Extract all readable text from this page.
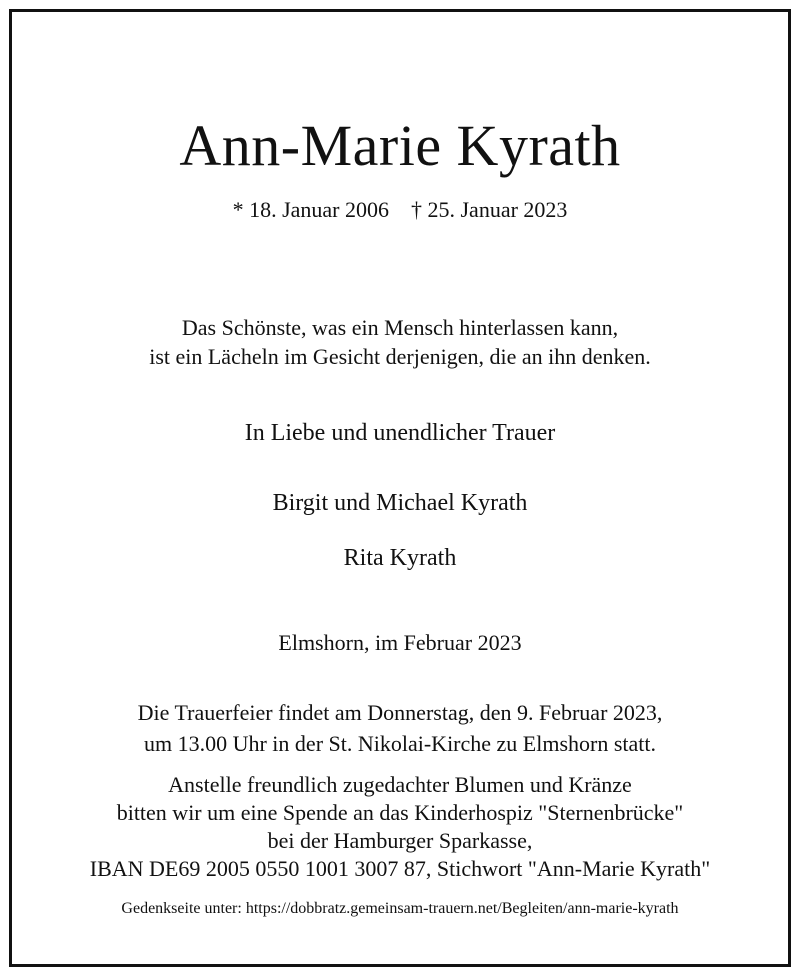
Ann-Marie Kyrath
* 18. Januar 2006 † 25. Januar 2023
Das Schönste, was ein Mensch hinterlassen kann,
ist ein Lächeln im Gesicht derjenigen, die an ihn denken.
In Liebe und unendlicher Trauer
Birgit und Michael Kyrath
Rita Kyrath
Elmshorn, im Februar 2023
Die Trauerfeier findet am Donnerstag, den 9. Februar 2023,
um 13.00 Uhr in der St. Nikolai-Kirche zu Elmshorn statt.
Anstelle freundlich zugedachter Blumen und Kränze
bitten wir um eine Spende an das Kinderhospiz "Sternenbrücke"
bei der Hamburger Sparkasse,
IBAN DE69 2005 0550 1001 3007 87, Stichwort "Ann-Marie Kyrath"
Gedenkseite unter: https://dobbratz.gemeinsam-trauern.net/Begleiten/ann-marie-kyrath
